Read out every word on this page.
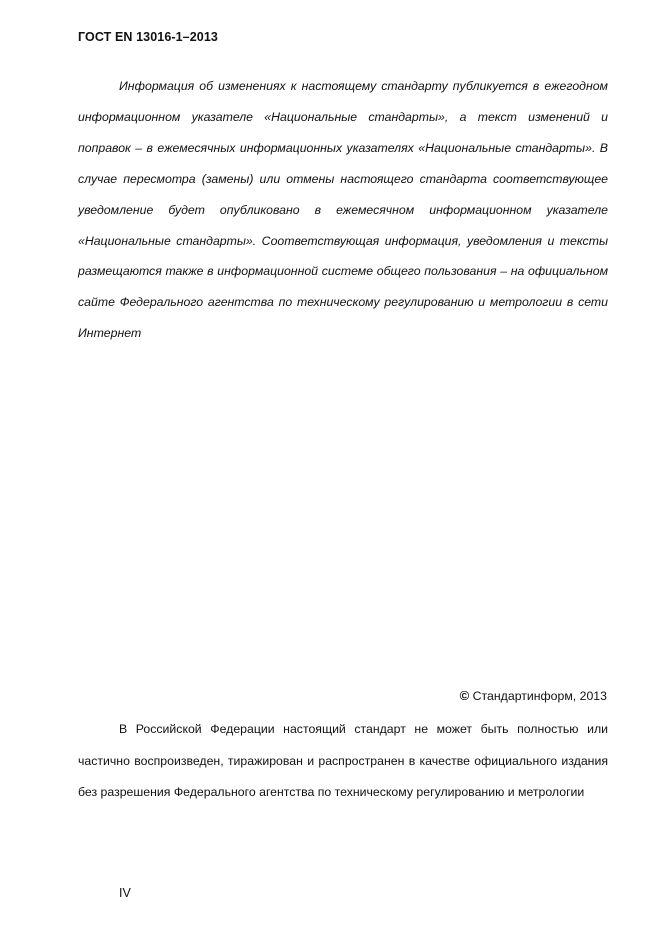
ГОСТ EN 13016-1–2013

Информация об изменениях к настоящему стандарту публикуется в ежегодном информационном указателе «Национальные стандарты», а текст изменений и поправок – в ежемесячных информационных указателях «Национальные стандарты». В случае пересмотра (замены) или отмены настоящего стандарта соответствующее уведомление будет опубликовано в ежемесячном информационном указателе «Национальные стандарты». Соответствующая информация, уведомления и тексты размещаются также в информационной системе общего пользования – на официальном сайте Федерального агентства по техническому регулированию и метрологии в сети Интернет

© Стандартинформ, 2013

В Российской Федерации настоящий стандарт не может быть полностью или частично воспроизведен, тиражирован и распространен в качестве официального издания без разрешения Федерального агентства по техническому регулированию и метрологии

IV
